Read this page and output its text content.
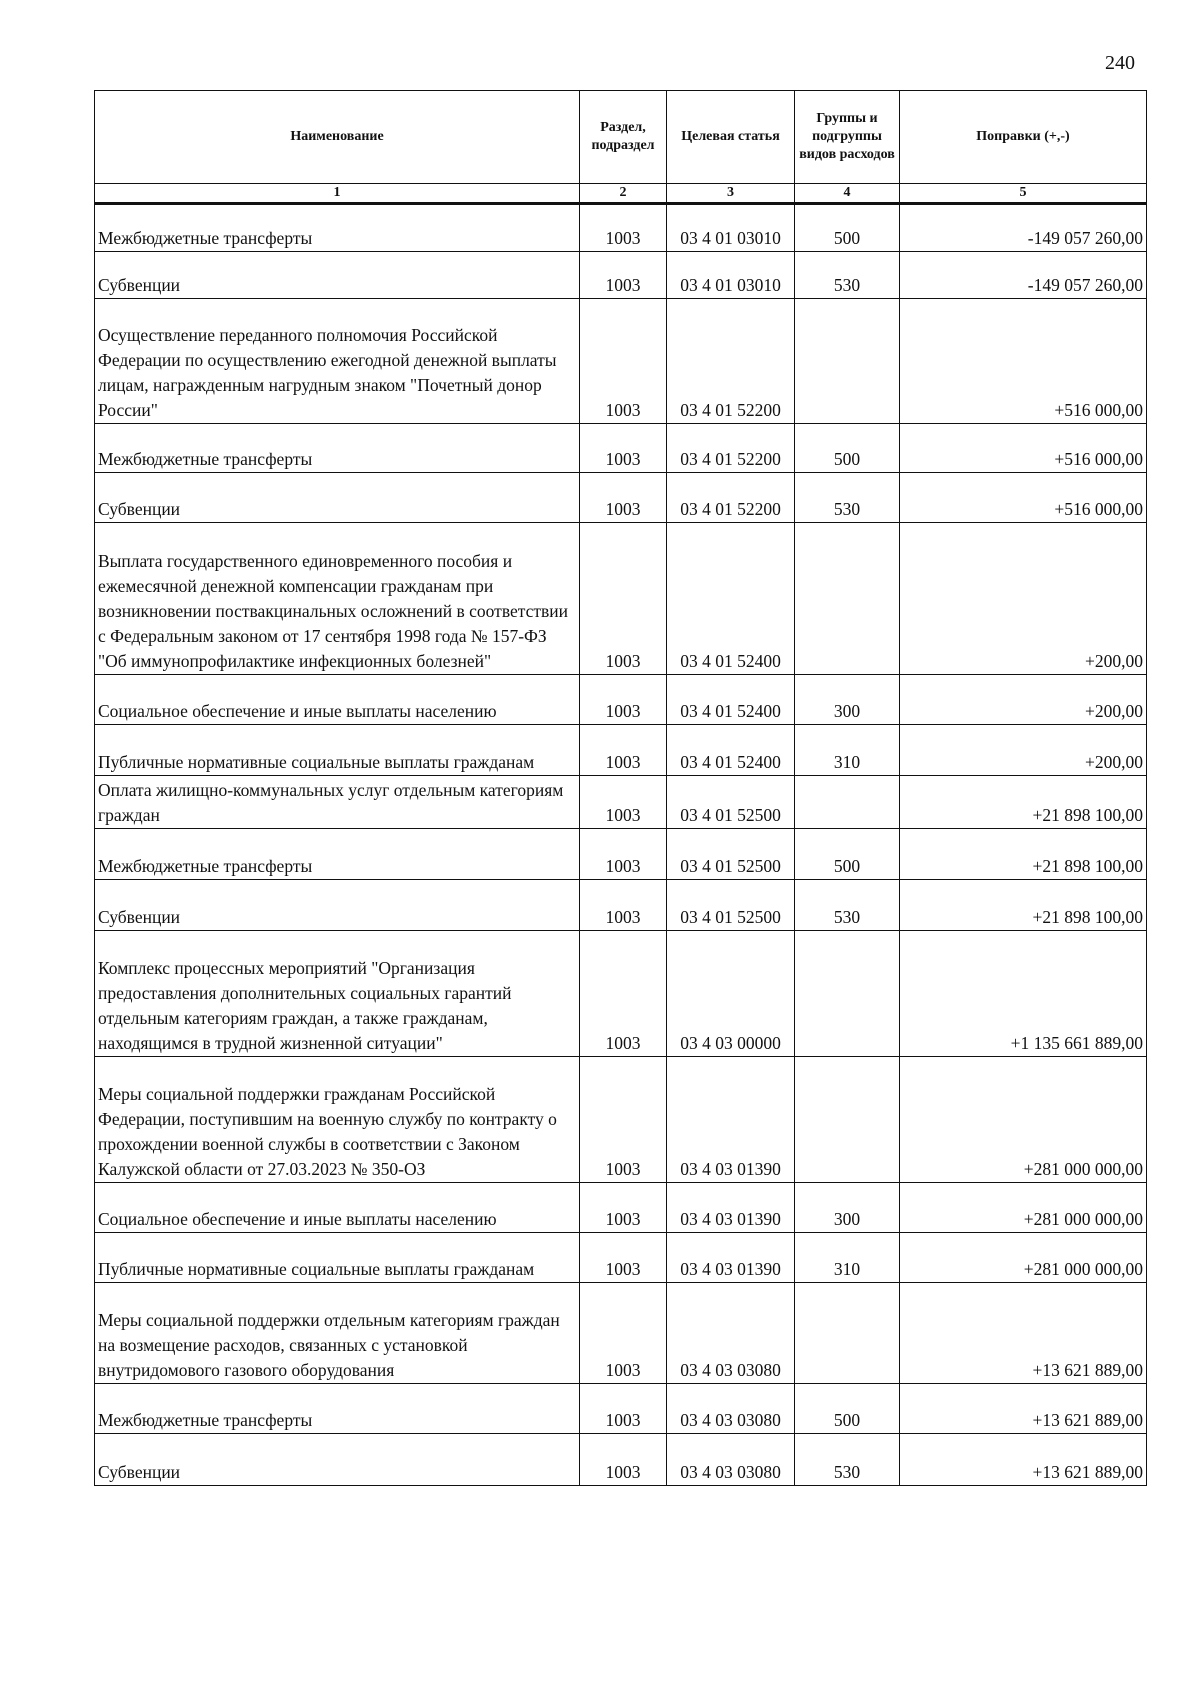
240
Наименование	Раздел, подраздел	Целевая статья	Группы и подгруппы видов расходов	Поправки (+,-)
1	2	3	4	5
Межбюджетные трансферты	1003	03 4 01 03010	500	-149 057 260,00
Субвенции	1003	03 4 01 03010	530	-149 057 260,00
Осуществление переданного полномочия Российской Федерации по осуществлению ежегодной денежной выплаты лицам, награжденным нагрудным знаком "Почетный донор России"	1003	03 4 01 52200		+516 000,00
Межбюджетные трансферты	1003	03 4 01 52200	500	+516 000,00
Субвенции	1003	03 4 01 52200	530	+516 000,00
Выплата государственного единовременного пособия и ежемесячной денежной компенсации гражданам при возникновении поствакцинальных осложнений в соответствии с Федеральным законом от 17 сентября 1998 года № 157-ФЗ "Об иммунопрофилактике инфекционных болезней"	1003	03 4 01 52400		+200,00
Социальное обеспечение и иные выплаты населению	1003	03 4 01 52400	300	+200,00
Публичные нормативные социальные выплаты гражданам	1003	03 4 01 52400	310	+200,00
Оплата жилищно-коммунальных услуг отдельным категориям граждан	1003	03 4 01 52500		+21 898 100,00
Межбюджетные трансферты	1003	03 4 01 52500	500	+21 898 100,00
Субвенции	1003	03 4 01 52500	530	+21 898 100,00
Комплекс процессных мероприятий "Организация предоставления дополнительных социальных гарантий отдельным категориям граждан, а также гражданам, находящимся в трудной жизненной ситуации"	1003	03 4 03 00000		+1 135 661 889,00
Меры социальной поддержки гражданам Российской Федерации, поступившим на военную службу по контракту о прохождении военной службы в соответствии с Законом Калужской области от 27.03.2023 № 350-ОЗ	1003	03 4 03 01390		+281 000 000,00
Социальное обеспечение и иные выплаты населению	1003	03 4 03 01390	300	+281 000 000,00
Публичные нормативные социальные выплаты гражданам	1003	03 4 03 01390	310	+281 000 000,00
Меры социальной поддержки отдельным категориям граждан на возмещение расходов, связанных с установкой внутридомового газового оборудования	1003	03 4 03 03080		+13 621 889,00
Межбюджетные трансферты	1003	03 4 03 03080	500	+13 621 889,00
Субвенции	1003	03 4 03 03080	530	+13 621 889,00
